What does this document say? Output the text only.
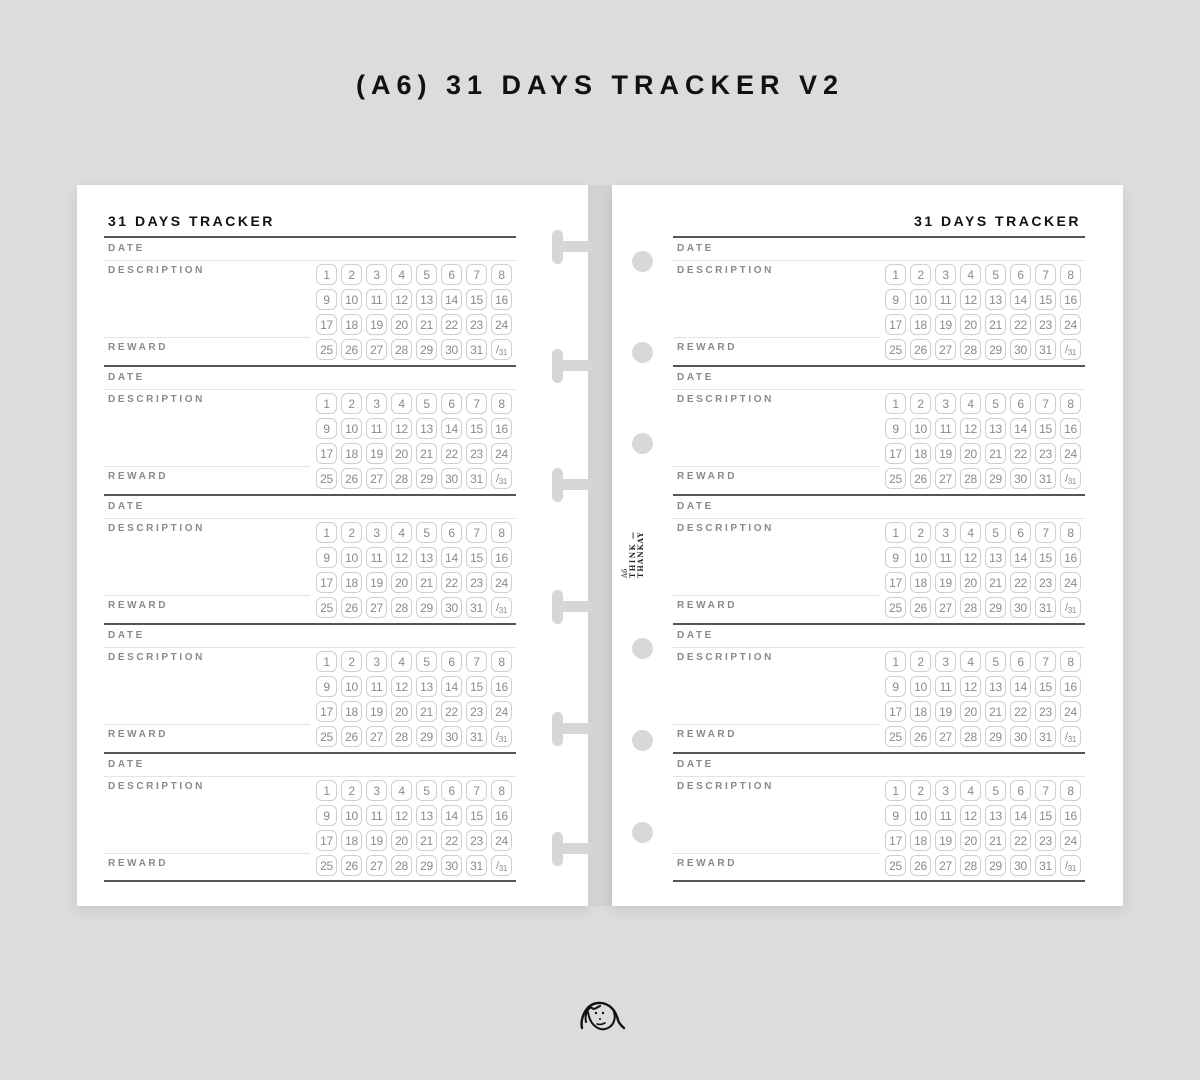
(A6) 31 DAYS TRACKER V2
31 DAYS TRACKER
DATE
DESCRIPTION
REWARD
1	2	3	4	5	6	7	8
9	10	11	12	13	14	15	16
17	18	19	20	21	22	23	24
25	26	27	28	29	30	31	/ 31
DATE
DESCRIPTION
REWARD
1	2	3	4	5	6	7	8
9	10	11	12	13	14	15	16
17	18	19	20	21	22	23	24
25	26	27	28	29	30	31	/ 31
DATE
DESCRIPTION
REWARD
1	2	3	4	5	6	7	8
9	10	11	12	13	14	15	16
17	18	19	20	21	22	23	24
25	26	27	28	29	30	31	/ 31
DATE
DESCRIPTION
REWARD
1	2	3	4	5	6	7	8
9	10	11	12	13	14	15	16
17	18	19	20	21	22	23	24
25	26	27	28	29	30	31	/ 31
DATE
DESCRIPTION
REWARD
1	2	3	4	5	6	7	8
9	10	11	12	13	14	15	16
17	18	19	20	21	22	23	24
25	26	27	28	29	30	31	/ 31
31 DAYS TRACKER
DATE
DESCRIPTION
REWARD
1	2	3	4	5	6	7	8
9	10	11	12	13	14	15	16
17	18	19	20	21	22	23	24
25	26	27	28	29	30	31	/ 31
DATE
DESCRIPTION
REWARD
1	2	3	4	5	6	7	8
9	10	11	12	13	14	15	16
17	18	19	20	21	22	23	24
25	26	27	28	29	30	31	/ 31
DATE
DESCRIPTION
REWARD
1	2	3	4	5	6	7	8
9	10	11	12	13	14	15	16
17	18	19	20	21	22	23	24
25	26	27	28	29	30	31	/ 31
DATE
DESCRIPTION
REWARD
1	2	3	4	5	6	7	8
9	10	11	12	13	14	15	16
17	18	19	20	21	22	23	24
25	26	27	28	29	30	31	/ 31
DATE
DESCRIPTION
REWARD
1	2	3	4	5	6	7	8
9	10	11	12	13	14	15	16
17	18	19	20	21	22	23	24
25	26	27	28	29	30	31	/ 31
A6 THINK — THANKAY
